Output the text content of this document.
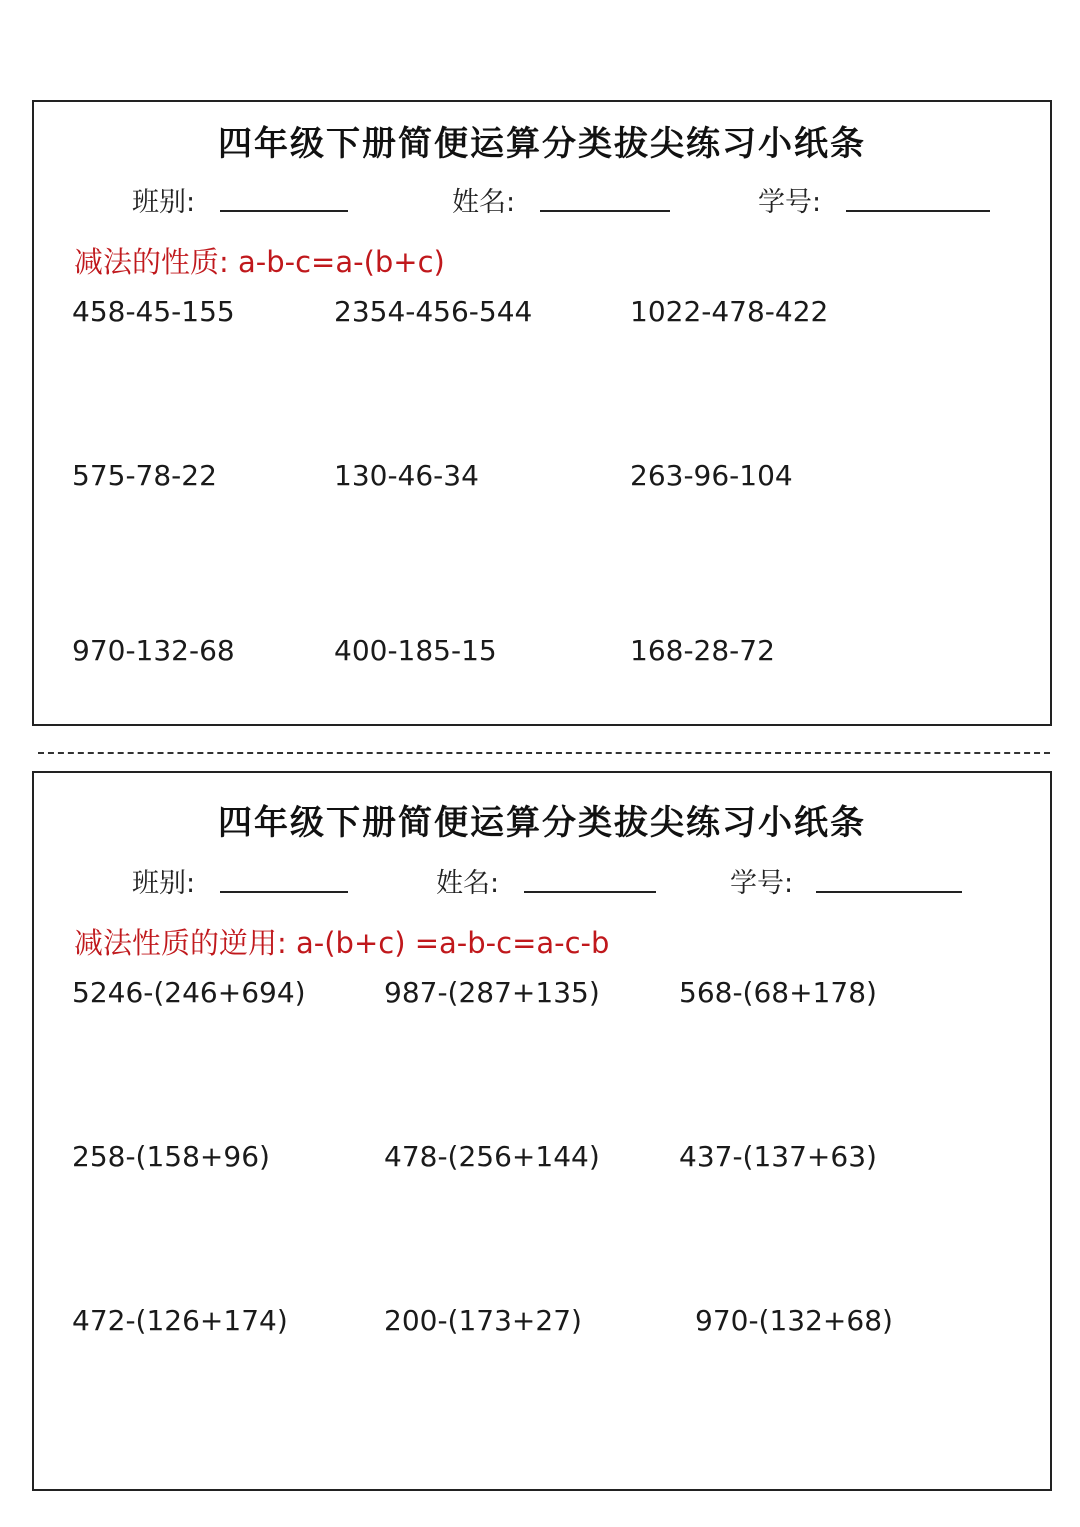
四年级下册简便运算分类拔尖练习小纸条
班别:	姓名:	学号:
减法的性质: a-b-c=a-(b+c)
458-45-155	2354-456-544	1022-478-422
575-78-22	130-46-34	263-96-104
970-132-68	400-185-15	168-28-72
四年级下册简便运算分类拔尖练习小纸条
班别:	姓名:	学号:
减法性质的逆用: a-(b+c) =a-b-c=a-c-b
5246-(246+694)	987-(287+135)	568-(68+178)
258-(158+96)	478-(256+144)	437-(137+63)
472-(126+174)	200-(173+27)	970-(132+68)
